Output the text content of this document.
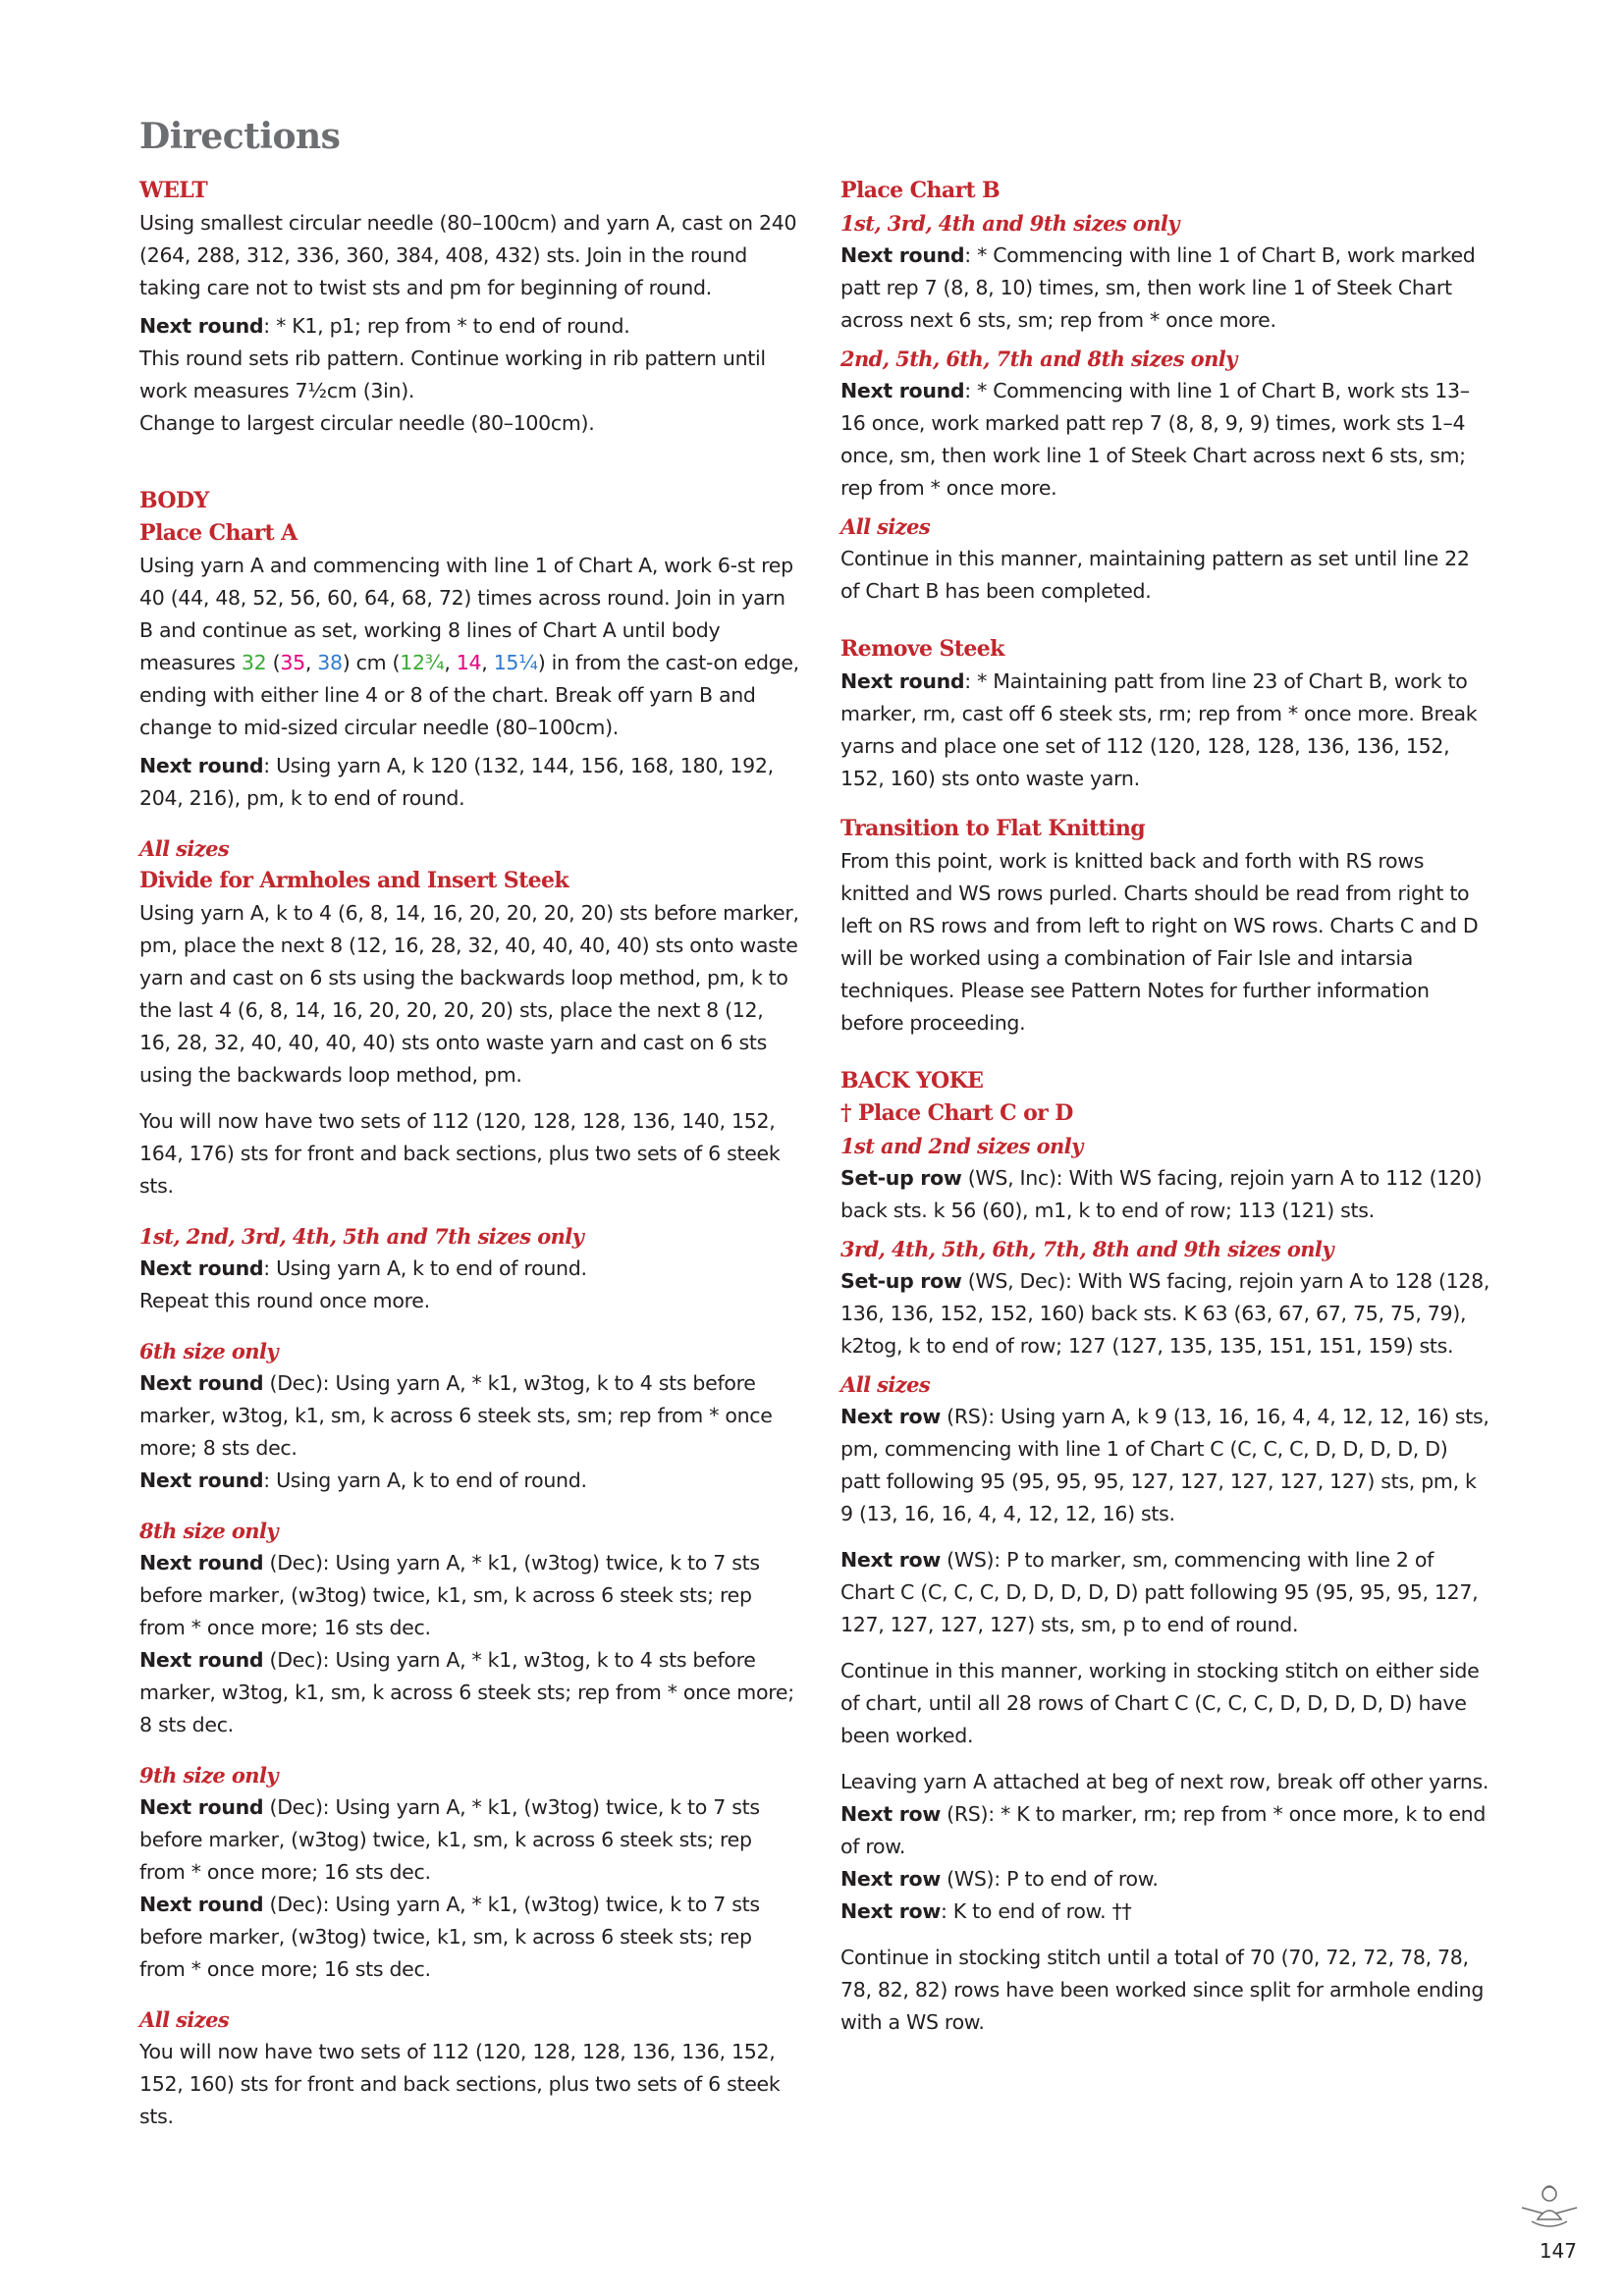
Directions
WELT

Using smallest circular needle (80–100cm) and yarn A, cast on 240 (264, 288, 312, 336, 360, 384, 408, 432) sts. Join in the round taking care not to twist sts and pm for beginning of round.

Next round: * K1, p1; rep from * to end of round.

This round sets rib pattern. Continue working in rib pattern until work measures 7½cm (3in).

Change to largest circular needle (80–100cm).

BODY
Place Chart A

Using yarn A and commencing with line 1 of Chart A, work 6-st rep 40 (44, 48, 52, 56, 60, 64, 68, 72) times across round. Join in yarn B and continue as set, working 8 lines of Chart A until body measures 32 (35, 38) cm (12¾, 14, 15¼) in from the cast-on edge, ending with either line 4 or 8 of the chart. Break off yarn B and change to mid-sized circular needle (80–100cm).

Next round: Using yarn A, k 120 (132, 144, 156, 168, 180, 192, 204, 216), pm, k to end of round.

All sizes
Divide for Armholes and Insert Steek

Using yarn A, k to 4 (6, 8, 14, 16, 20, 20, 20, 20) sts before marker, pm, place the next 8 (12, 16, 28, 32, 40, 40, 40, 40) sts onto waste yarn and cast on 6 sts using the backwards loop method, pm, k to the last 4 (6, 8, 14, 16, 20, 20, 20, 20) sts, place the next 8 (12, 16, 28, 32, 40, 40, 40, 40) sts onto waste yarn and cast on 6 sts using the backwards loop method, pm.

You will now have two sets of 112 (120, 128, 128, 136, 140, 152, 164, 176) sts for front and back sections, plus two sets of 6 steek sts.

1st, 2nd, 3rd, 4th, 5th and 7th sizes only

Next round: Using yarn A, k to end of round.

Repeat this round once more.

6th size only

Next round (Dec): Using yarn A, * k1, w3tog, k to 4 sts before marker, w3tog, k1, sm, k across 6 steek sts, sm; rep from * once more; 8 sts dec.

Next round: Using yarn A, k to end of round.

8th size only

Next round (Dec): Using yarn A, * k1, (w3tog) twice, k to 7 sts before marker, (w3tog) twice, k1, sm, k across 6 steek sts; rep from * once more; 16 sts dec.

Next round (Dec): Using yarn A, * k1, w3tog, k to 4 sts before marker, w3tog, k1, sm, k across 6 steek sts; rep from * once more; 8 sts dec.

9th size only

Next round (Dec): Using yarn A, * k1, (w3tog) twice, k to 7 sts before marker, (w3tog) twice, k1, sm, k across 6 steek sts; rep from * once more; 16 sts dec.

Next round (Dec): Using yarn A, * k1, (w3tog) twice, k to 7 sts before marker, (w3tog) twice, k1, sm, k across 6 steek sts; rep from * once more; 16 sts dec.

All sizes

You will now have two sets of 112 (120, 128, 128, 136, 136, 152, 152, 160) sts for front and back sections, plus two sets of 6 steek sts.

Place Chart B
1st, 3rd, 4th and 9th sizes only

Next round: * Commencing with line 1 of Chart B, work marked patt rep 7 (8, 8, 10) times, sm, then work line 1 of Steek Chart across next 6 sts, sm; rep from * once more.

2nd, 5th, 6th, 7th and 8th sizes only

Next round: * Commencing with line 1 of Chart B, work sts 13–16 once, work marked patt rep 7 (8, 8, 9, 9) times, work sts 1–4 once, sm, then work line 1 of Steek Chart across next 6 sts, sm; rep from * once more.

All sizes

Continue in this manner, maintaining pattern as set until line 22 of Chart B has been completed.

Remove Steek

Next round: * Maintaining patt from line 23 of Chart B, work to marker, rm, cast off 6 steek sts, rm; rep from * once more. Break yarns and place one set of 112 (120, 128, 128, 136, 136, 152, 152, 160) sts onto waste yarn.

Transition to Flat Knitting

From this point, work is knitted back and forth with RS rows knitted and WS rows purled. Charts should be read from right to left on RS rows and from left to right on WS rows. Charts C and D will be worked using a combination of Fair Isle and intarsia techniques. Please see Pattern Notes for further information before proceeding.

BACK YOKE
† Place Chart C or D
1st and 2nd sizes only

Set-up row (WS, Inc): With WS facing, rejoin yarn A to 112 (120) back sts. k 56 (60), m1, k to end of row; 113 (121) sts.

3rd, 4th, 5th, 6th, 7th, 8th and 9th sizes only

Set-up row (WS, Dec): With WS facing, rejoin yarn A to 128 (128, 136, 136, 152, 152, 160) back sts. K 63 (63, 67, 67, 75, 75, 79), k2tog, k to end of row; 127 (127, 135, 135, 151, 151, 159) sts.

All sizes

Next row (RS): Using yarn A, k 9 (13, 16, 16, 4, 4, 12, 12, 16) sts, pm, commencing with line 1 of Chart C (C, C, C, D, D, D, D, D) patt following 95 (95, 95, 95, 127, 127, 127, 127, 127) sts, pm, k 9 (13, 16, 16, 4, 4, 12, 12, 16) sts.

Next row (WS): P to marker, sm, commencing with line 2 of Chart C (C, C, C, D, D, D, D, D) patt following 95 (95, 95, 95, 127, 127, 127, 127, 127) sts, sm, p to end of round.

Continue in this manner, working in stocking stitch on either side of chart, until all 28 rows of Chart C (C, C, C, D, D, D, D, D) have been worked.

Leaving yarn A attached at beg of next row, break off other yarns.

Next row (RS): * K to marker, rm; rep from * once more, k to end of row.

Next row (WS): P to end of row.

Next row: K to end of row. ††

Continue in stocking stitch until a total of 70 (70, 72, 72, 78, 78, 78, 82, 82) rows have been worked since split for armhole ending with a WS row.

147
